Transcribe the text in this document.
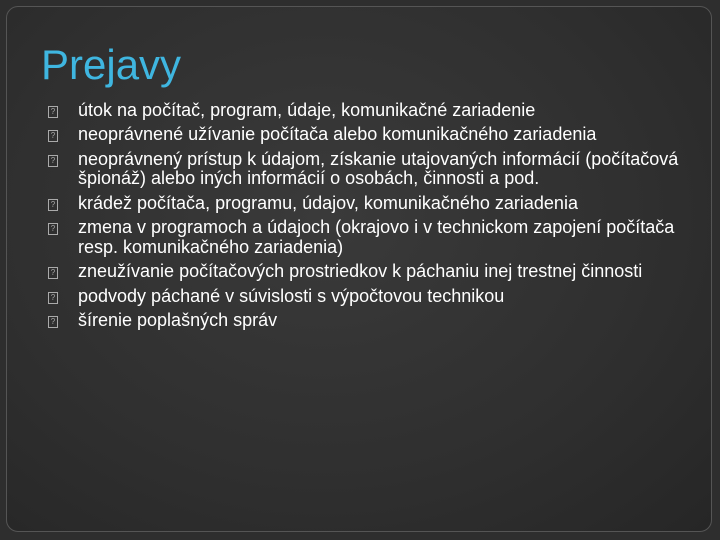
Prejavy
? útok na počítač, program, údaje, komunikačné zariadenie
? neoprávnené užívanie počítača alebo komunikačného zariadenia
? neoprávnený prístup k údajom, získanie utajovaných informácií (počítačová špionáž) alebo iných informácií o osobách, činnosti a pod.
? krádež počítača, programu, údajov, komunikačného zariadenia
? zmena v programoch a údajoch (okrajovo i v technickom zapojení počítača resp. komunikačného zariadenia)
? zneužívanie počítačových prostriedkov k páchaniu inej trestnej činnosti
? podvody páchané v súvislosti s výpočtovou technikou
? šírenie poplašných správ
